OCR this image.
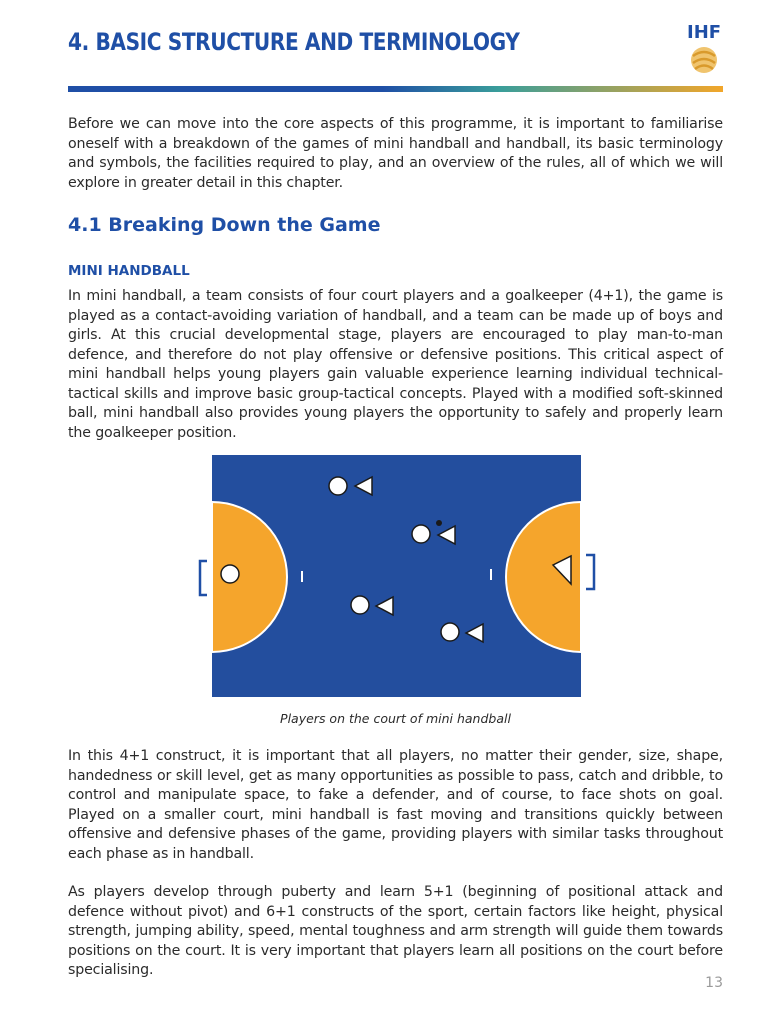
4. BASIC STRUCTURE AND TERMINOLOGY	IHF

Before we can move into the core aspects of this programme, it is important to familiarise oneself with a breakdown of the games of mini handball and handball, its basic terminology and symbols, the facilities required to play, and an overview of the rules, all of which we will explore in greater detail in this chapter.

4.1 Breaking Down the Game
MINI HANDBALL

In mini handball, a team consists of four court players and a goalkeeper (4+1), the game is played as a contact-avoiding variation of handball, and a team can be made up of boys and girls. At this crucial developmental stage, players are encouraged to play man-to-man defence, and therefore do not play offensive or defensive positions. This critical aspect of mini handball helps young players gain valuable experience learning individual technical-tactical skills and improve basic group-tactical concepts. Played with a modified soft-skinned ball, mini handball also provides young players the opportunity to safely and properly learn the goalkeeper position.

Players on the court of mini handball

In this 4+1 construct, it is important that all players, no matter their gender, size, shape, handedness or skill level, get as many opportunities as possible to pass, catch and dribble, to control and manipulate space, to fake a defender, and of course, to face shots on goal. Played on a smaller court, mini handball is fast moving and transitions quickly between offensive and defensive phases of the game, providing players with similar tasks throughout each phase as in handball.

As players develop through puberty and learn 5+1 (beginning of positional attack and defence without pivot) and 6+1 constructs of the sport, certain factors like height, physical strength, jumping ability, speed, mental toughness and arm strength will guide them towards positions on the court. It is very important that players learn all positions on the court before specialising.

13
